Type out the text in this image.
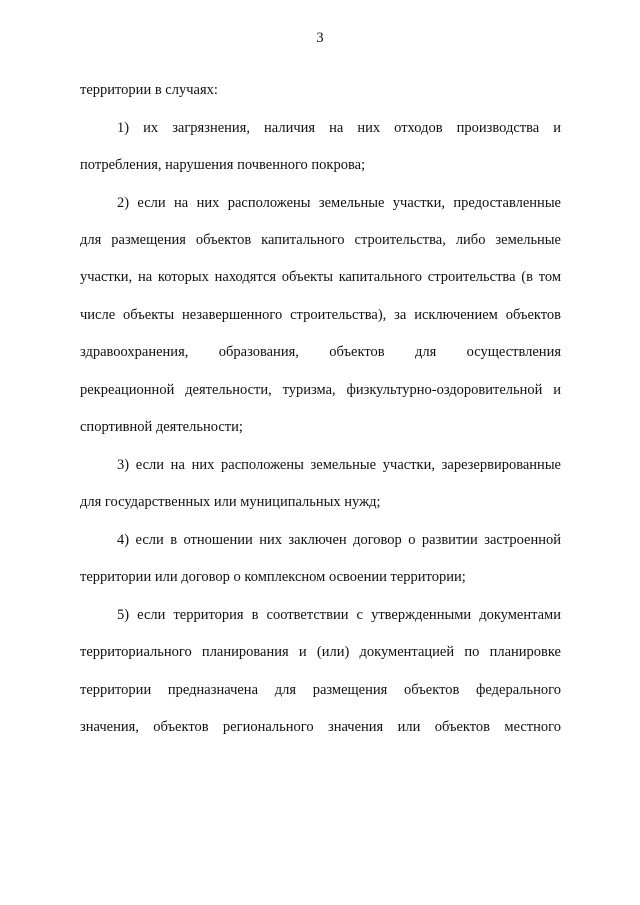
3
территории в случаях:
1) их загрязнения, наличия на них отходов производства и
потребления, нарушения почвенного покрова;
2) если на них расположены земельные участки, предоставленные
для размещения объектов капитального строительства, либо земельные
участки, на которых находятся объекты капитального строительства (в том
числе объекты незавершенного строительства), за исключением объектов
здравоохранения, образования, объектов для осуществления
рекреационной деятельности, туризма, физкультурно-оздоровительной и
спортивной деятельности;
3) если на них расположены земельные участки, зарезервированные
для государственных или муниципальных нужд;
4) если в отношении них заключен договор о развитии застроенной
территории или договор о комплексном освоении территории;
5) если территория в соответствии с утвержденными документами
территориального планирования и (или) документацией по планировке
территории предназначена для размещения объектов федерального
значения, объектов регионального значения или объектов местного
